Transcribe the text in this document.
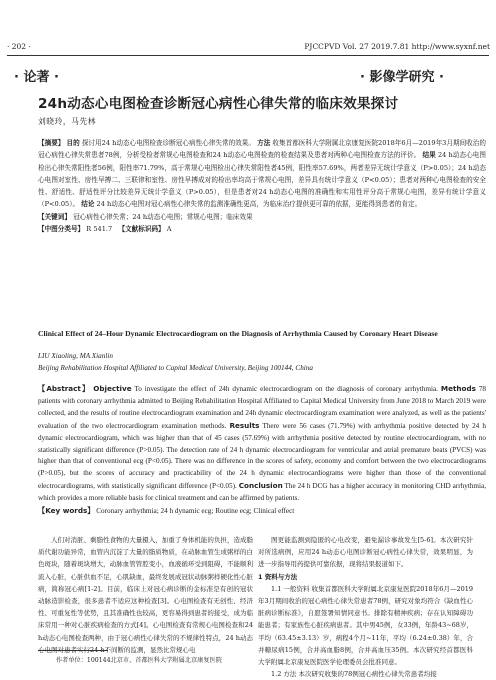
· 202 ·	PJCCPVD Vol. 27 2019.7.81 http://www.syxnf.net
· 论著 ·	· 影像学研究 ·
24h动态心电图检查诊断冠心病性心律失常的临床效果探讨
刘晓玲，马先林
【摘要】 目的 探讨用24 h动态心电图检查诊断冠心病性心律失常的效果。 方法 收集首都医科大学附属北京康复医院2018年6月—2019年3月期间收治的冠心病性心律失常患者78例，分析受检者常规心电图检查和24 h动态心电图检查的检查结果及患者对两种心电图检查方法的评价。 结果 24 h动态心电图检出心律失常阳性者56例，阳性率71.79%，高于常规心电图检出心律失常阳性者45例，阳性率57.69%，两者差异无统计学意义（P>0.05）；24 h动态心电图对室性、房性早搏二、三联律和室性、房性早搏成对的检出率均高于常规心电图，差异具有统计学意义（P<0.05）；患者对两种心电图检查的安全性、舒适性、舒适性评分比较差异无统计学意义（P>0.05），但是患者对24 h动态心电图的准确性和实用性评分高于常规心电图，差异有统计学意义（P<0.05）。 结论 24 h动态心电图对冠心病性心律失常的监测准确性更高，为临床治疗提供更可靠的依据，更能得到患者的肯定。
【关键词】 冠心病性心律失常；24 h动态心电图；常规心电图；临床效果
【中图分类号】 R 541.7 【文献标识码】 A
Clinical Effect of 24–Hour Dynamic Electrocardiogram on the Diagnosis of Arrhythmia Caused by Coronary Heart Disease
LIU Xiaoling, MA Xianlin
Beijing Rehabilitation Hospital Affiliated to Capital Medical University, Beijing 100144, China
【Abstract】 Objective To investigate the effect of 24h dynamic electrocardiogram on the diagnosis of coronary arrhythmia. Methods 78 patients with coronary arrhythmia admitted to Beijing Rehabilitation Hospital Affiliated to Capital Medical University from June 2018 to March 2019 were collected, and the results of routine electrocardiogram examination and 24h dynamic electrocardiogram examination were analyzed, as well as the patients' evaluation of the two electrocardiogram examination methods. Results There were 56 cases (71.79%) with arrhythmia positive detected by 24 h dynamic electrocardiogram, which was higher than that of 45 cases (57.69%) with arrhythmia positive detected by routine electrocardiogram, with no statistically significant difference (P>0.05). The detection rate of 24 h dynamic electrocardiogram for ventricular and atrial premature beats (PVCS) was higher than that of conventional ecg (P<0.05). There was no difference in the scores of safety, economy and comfort between the two electrocardiograms (P>0.05), but the scores of accuracy and practicability of the 24 h dynamic electrocardiograms were higher than those of the conventional electrocardiograms, with statistically significant difference (P<0.05). Conclusion The 24 h DCG has a higher accuracy in monitoring CHD arrhythmia, which provides a more reliable basis for clinical treatment and can be affirmed by patients.
【Key words】 Coronary arrhythmia; 24 h dynamic ecg; Routine ecg; Clinical effect
人们对消脏、剩脂性食物的大量摄入，加重了身体机能的负担，造成脂质代谢功能异常，血管内沉淀了大量的脂质物质，在动脉血管生成粥样的白色斑块，随着斑块增大，动脉血管管腔变小，血液循环受到阻碍，不能顺利流入心脏，心脏供血不足，心肌缺血，最终发展成冠状动脉粥样硬化性心脏病，简称冠心病[1-2]。目前，临床上对冠心病诊断的金标准是有创的冠状动脉造影检查，很多患者不适应这种检查[3]。心电图检查有无创性、经济性、可重复性等优势，且其准确性也较高，更容易得到患者的接受，成为临床常用一种对心脏疾病检查的方式[4]。心电图检查有常规心电图检查和24 h动态心电图检查两种，由于冠心病性心律失常的不规律性特点，24 h动态心电图对患者实行24 h不间断的监测，显然比常规心电

图更能监测到隐匿的心电改变，避免漏诊事故发生[5-6]。本次研究针对所选病例，应用24 h动态心电图诊断冠心病性心律失常，效果明显，为进一步指导用药提供可靠依据，现将结果报道如下。

1 资料与方法

1.1 一般资料 收集首都医科大学附属北京康复医院2018年6月—2019年3月期间收治的冠心病性心律失常患者78例，研究对象均符合《缺血性心脏病诊断标准》，自愿签署知情同意书。排除有精神疾病；存在认知障碍功能患者；有家族性心脏疾病患者。其中男45例，女33例，年龄43~68岁，平均（63.45±3.13）岁，病程4个月~11年，平均（6.24±0.38）年，合并糖尿病15例，合并高血脂8例，合并高血压35例。本次研究经首都医科大学附属北京康复医院医学伦理委员会批准同意。

1.2 方法 本次研究收集的78例冠心病性心律失常患者均接

作者单位：100144北京市，首都医科大学附属北京康复医院
